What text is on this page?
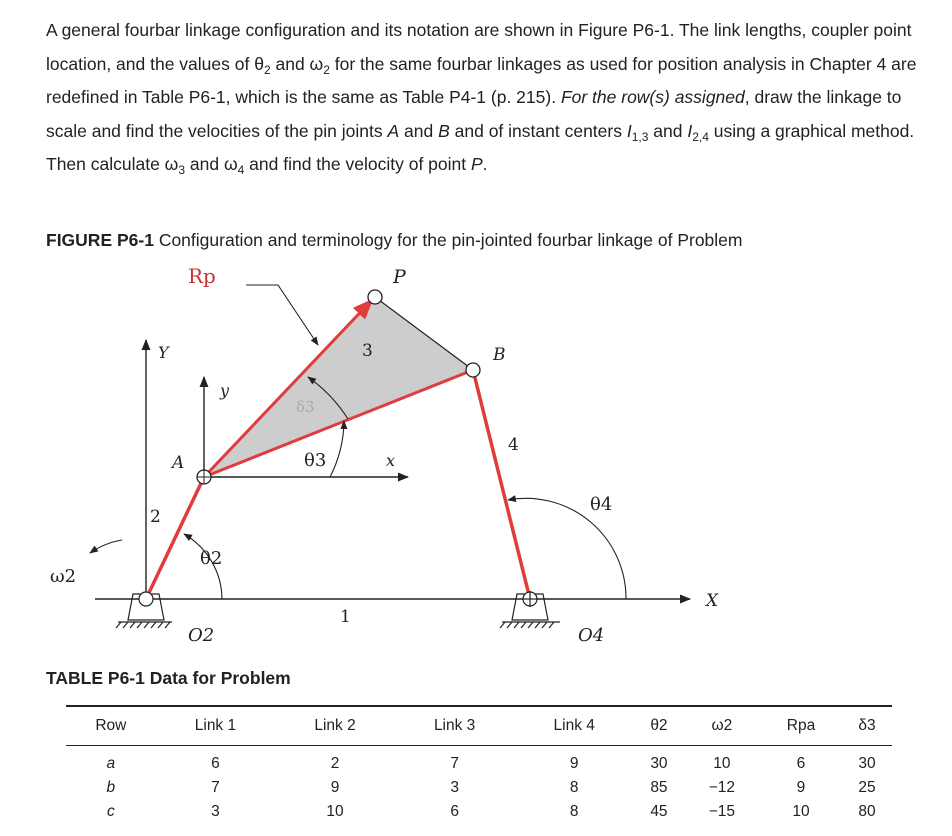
A general fourbar linkage configuration and its notation are shown in Figure P6-1. The link lengths, coupler point location, and the values of $\theta_2$ and $\omega_2$ for the same fourbar linkages as used for position analysis in Chapter 4 are redefined in Table P6-1, which is the same as Table P4-1 (p. 215). For the row(s) assigned, draw the linkage to scale and find the velocities of the pin joints A and B and of instant centers $I_{1,3}$ and $I_{2,4}$ using a graphical method. Then calculate $\omega_3$ and $\omega_4$ and find the velocity of point P.

FIGURE P6-1 Configuration and terminology for the pin-jointed fourbar linkage of Problem

Rp	P
3	B
Y
y
4
A	θ3	x
θ4
2
θ2
ω2
X
1
O2	O4
δ3

TABLE P6-1 Data for Problem

Row	Link 1	Link 2	Link 3	Link 4	θ2	ω2	Rpa	δ3
a	6	2	7	9	30	10	6	30
b	7	9	3	8	85	−12	9	25
c	3	10	6	8	45	−15	10	80
